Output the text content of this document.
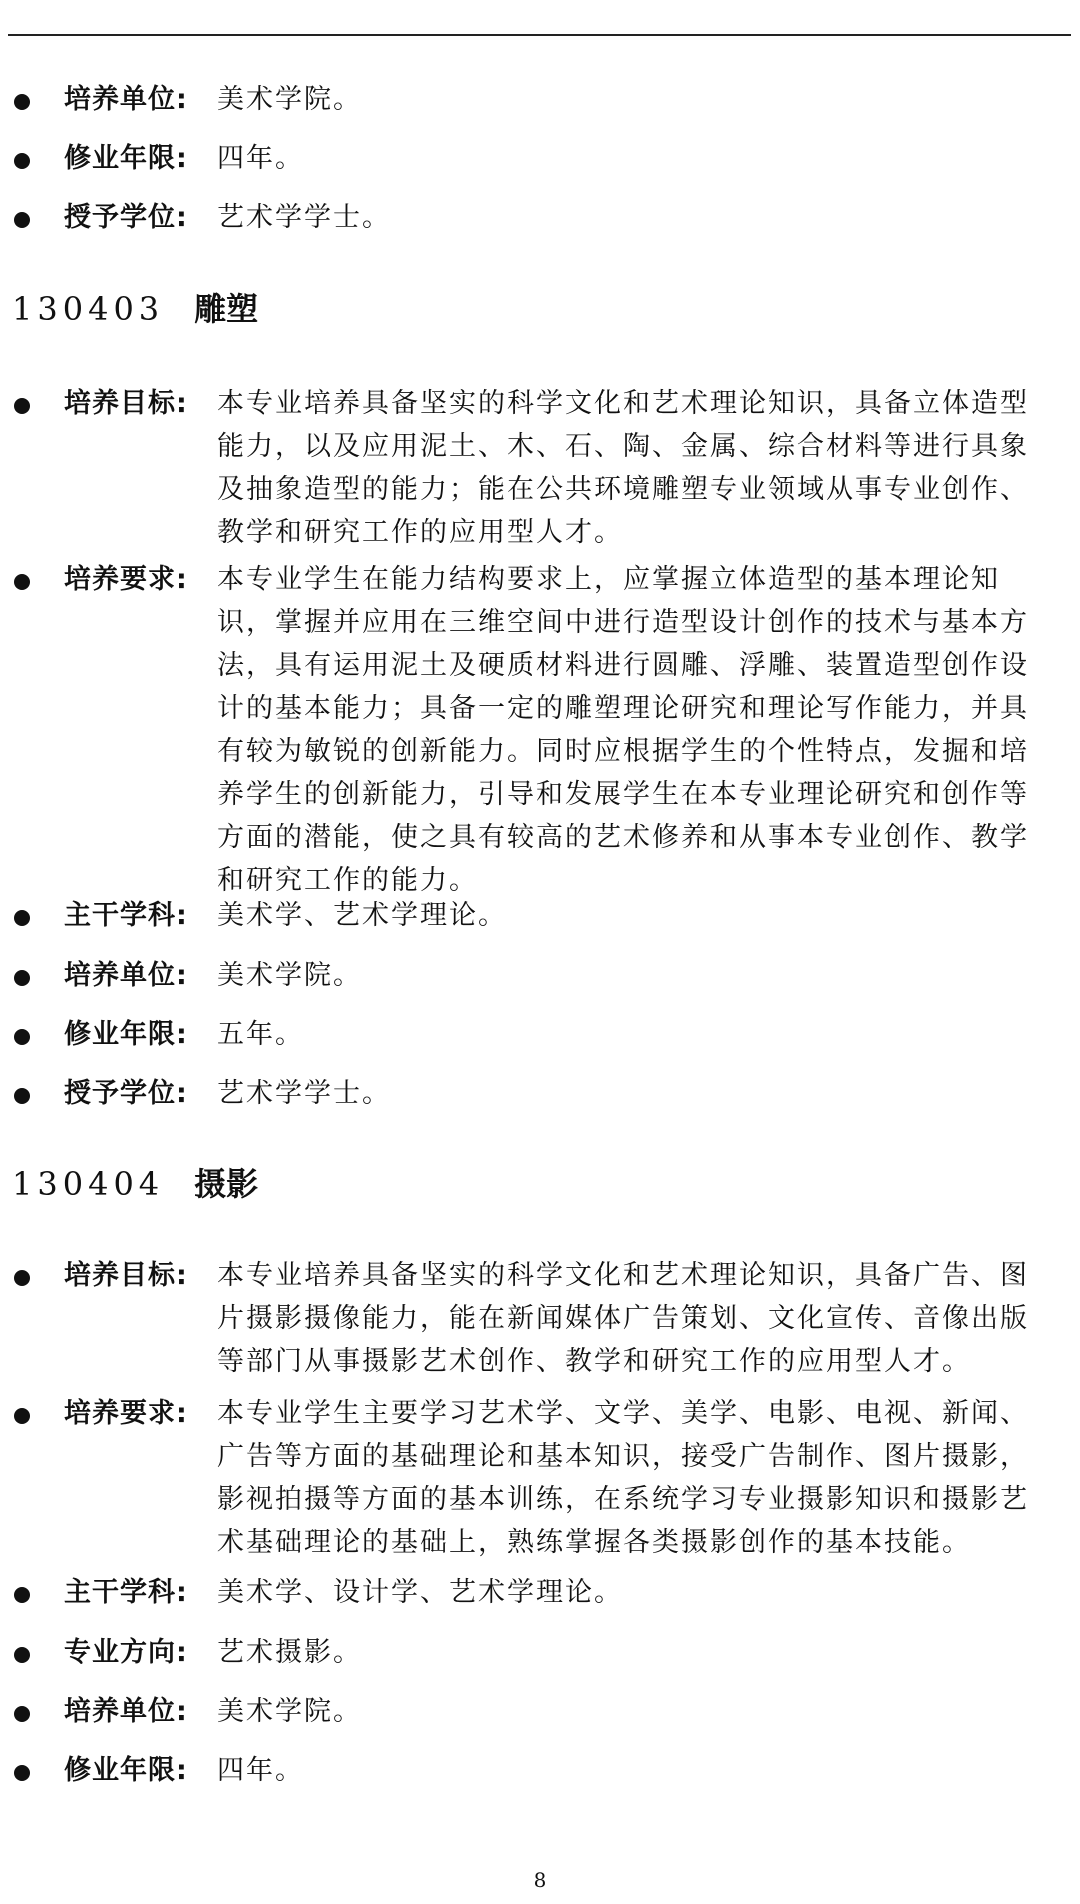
培养单位: 美术学院。
修业年限: 四年。
授予学位: 艺术学学士。
130403 雕塑
培养目标: 本专业培养具备坚实的科学文化和艺术理论知识，具备立体造型能力，以及应用泥土、木、石、陶、金属、综合材料等进行具象及抽象造型的能力；能在公共环境雕塑专业领域从事专业创作、教学和研究工作的应用型人才。
培养要求: 本专业学生在能力结构要求上，应掌握立体造型的基本理论知识，掌握并应用在三维空间中进行造型设计创作的技术与基本方法，具有运用泥土及硬质材料进行圆雕、浮雕、装置造型创作设计的基本能力；具备一定的雕塑理论研究和理论写作能力，并具有较为敏锐的创新能力。同时应根据学生的个性特点，发掘和培养学生的创新能力，引导和发展学生在本专业理论研究和创作等方面的潜能，使之具有较高的艺术修养和从事本专业创作、教学和研究工作的能力。
主干学科: 美术学、艺术学理论。
培养单位: 美术学院。
修业年限: 五年。
授予学位: 艺术学学士。
130404 摄影
培养目标: 本专业培养具备坚实的科学文化和艺术理论知识，具备广告、图片摄影摄像能力，能在新闻媒体广告策划、文化宣传、音像出版等部门从事摄影艺术创作、教学和研究工作的应用型人才。
培养要求: 本专业学生主要学习艺术学、文学、美学、电影、电视、新闻、广告等方面的基础理论和基本知识，接受广告制作、图片摄影，影视拍摄等方面的基本训练，在系统学习专业摄影知识和摄影艺术基础理论的基础上，熟练掌握各类摄影创作的基本技能。
主干学科: 美术学、设计学、艺术学理论。
专业方向: 艺术摄影。
培养单位: 美术学院。
修业年限: 四年。
8
